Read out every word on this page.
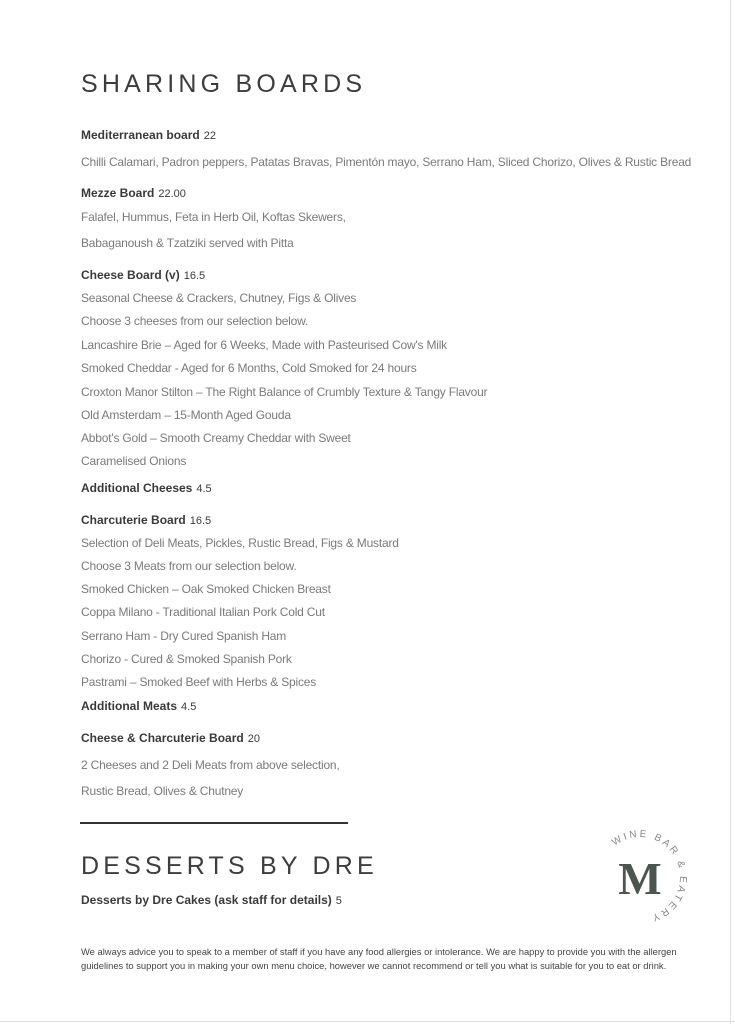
SHARING BOARDS
Mediterranean board 22
Chilli Calamari, Padron peppers, Patatas Bravas, Pimentón mayo, Serrano Ham, Sliced Chorizo, Olives & Rustic Bread
Mezze Board 22.00
Falafel, Hummus, Feta in Herb Oil, Koftas Skewers,
Babaganoush & Tzatziki served with Pitta
Cheese Board (v) 16.5
Seasonal Cheese & Crackers, Chutney, Figs & Olives
Choose 3 cheeses from our selection below.
Lancashire Brie – Aged for 6 Weeks, Made with Pasteurised Cow's Milk
Smoked Cheddar - Aged for 6 Months, Cold Smoked for 24 hours
Croxton Manor Stilton – The Right Balance of Crumbly Texture & Tangy Flavour
Old Amsterdam – 15-Month Aged Gouda
Abbot's Gold – Smooth Creamy Cheddar with Sweet
Caramelised Onions
Additional Cheeses 4.5
Charcuterie Board 16.5
Selection of Deli Meats, Pickles, Rustic Bread, Figs & Mustard
Choose 3 Meats from our selection below.
Smoked Chicken – Oak Smoked Chicken Breast
Coppa Milano - Traditional Italian Pork Cold Cut
Serrano Ham - Dry Cured Spanish Ham
Chorizo - Cured & Smoked Spanish Pork
Pastrami – Smoked Beef with Herbs & Spices
Additional Meats 4.5
Cheese & Charcuterie Board 20
2 Cheeses and 2 Deli Meats from above selection,
Rustic Bread, Olives & Chutney
DESSERTS BY DRE
Desserts by Dre Cakes (ask staff for details) 5
WINE BAR & EATERY
M
We always advice you to speak to a member of staff if you have any food allergies or intolerance. We are happy to provide you with the allergen guidelines to support you in making your own menu choice, however we cannot recommend or tell you what is suitable for you to eat or drink.
